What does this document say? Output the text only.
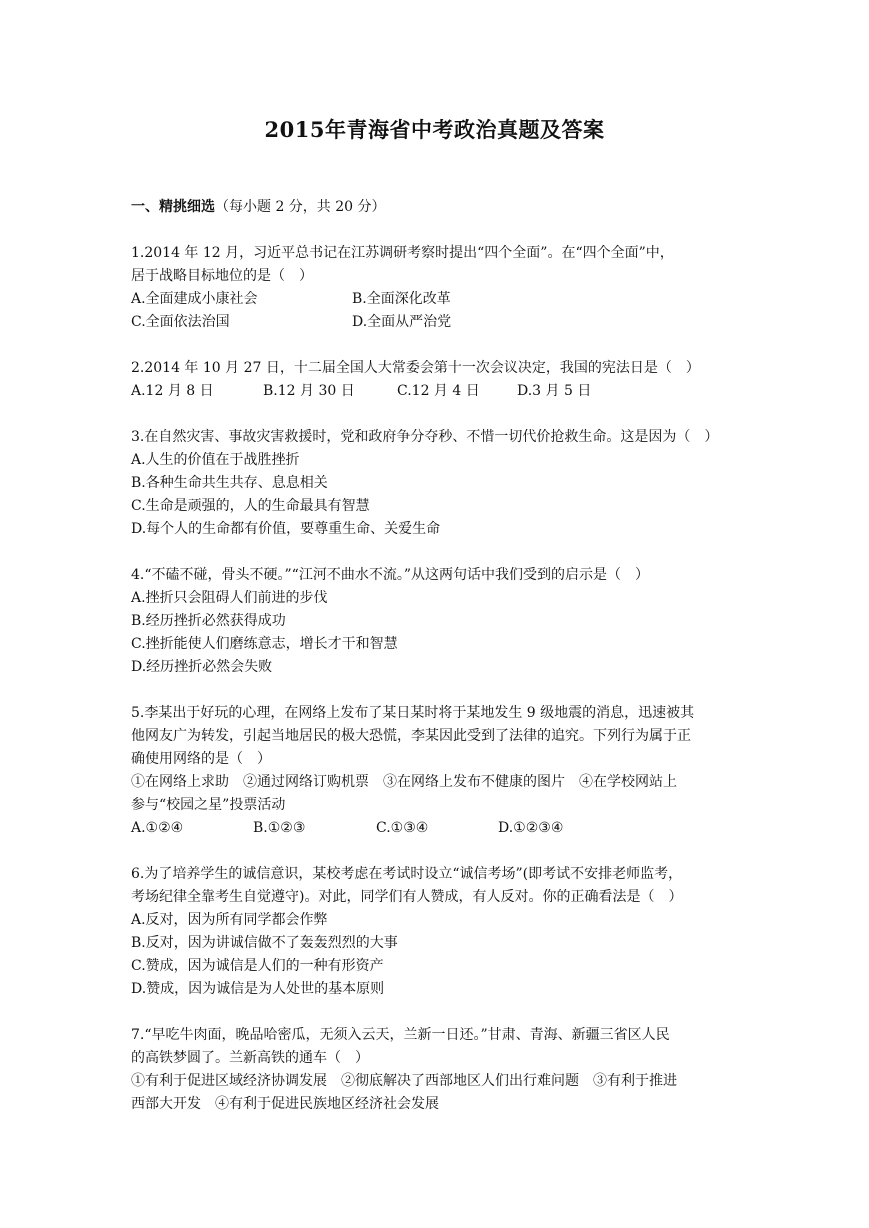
2015年青海省中考政治真题及答案
一、精挑细选（每小题 2 分，共 20 分）
1.2014 年 12 月，习近平总书记在江苏调研考察时提出“四个全面”。在“四个全面”中，
居于战略目标地位的是（　）
A.全面建成小康社会	B.全面深化改革
C.全面依法治国	D.全面从严治党
2.2014 年 10 月 27 日，十二届全国人大常委会第十一次会议决定，我国的宪法日是（　）
A.12 月 8 日	B.12 月 30 日	C.12 月 4 日	D.3 月 5 日
3.在自然灾害、事故灾害救援时，党和政府争分夺秒、不惜一切代价抢救生命。这是因为（　）
A.人生的价值在于战胜挫折
B.各种生命共生共存、息息相关
C.生命是顽强的，人的生命最具有智慧
D.每个人的生命都有价值，要尊重生命、关爱生命
4.“不磕不碰，骨头不硬。”“江河不曲水不流。”从这两句话中我们受到的启示是（　）
A.挫折只会阻碍人们前进的步伐
B.经历挫折必然获得成功
C.挫折能使人们磨练意志，增长才干和智慧
D.经历挫折必然会失败
5.李某出于好玩的心理，在网络上发布了某日某时将于某地发生 9 级地震的消息，迅速被其
他网友广为转发，引起当地居民的极大恐慌，李某因此受到了法律的追究。下列行为属于正
确使用网络的是（　）
①在网络上求助　②通过网络订购机票　③在网络上发布不健康的图片　④在学校网站上
参与“校园之星”投票活动
A.①②④	B.①②③	C.①③④	D.①②③④
6.为了培养学生的诚信意识，某校考虑在考试时设立“诚信考场”(即考试不安排老师监考，
考场纪律全靠考生自觉遵守)。对此，同学们有人赞成，有人反对。你的正确看法是（　）
A.反对，因为所有同学都会作弊
B.反对，因为讲诚信做不了轰轰烈烈的大事
C.赞成，因为诚信是人们的一种有形资产
D.赞成，因为诚信是为人处世的基本原则
7.“早吃牛肉面，晚品哈密瓜，无须入云天，兰新一日还。”甘肃、青海、新疆三省区人民
的高铁梦圆了。兰新高铁的通车（　）
①有利于促进区域经济协调发展　②彻底解决了西部地区人们出行难问题　③有利于推进
西部大开发　④有利于促进民族地区经济社会发展
